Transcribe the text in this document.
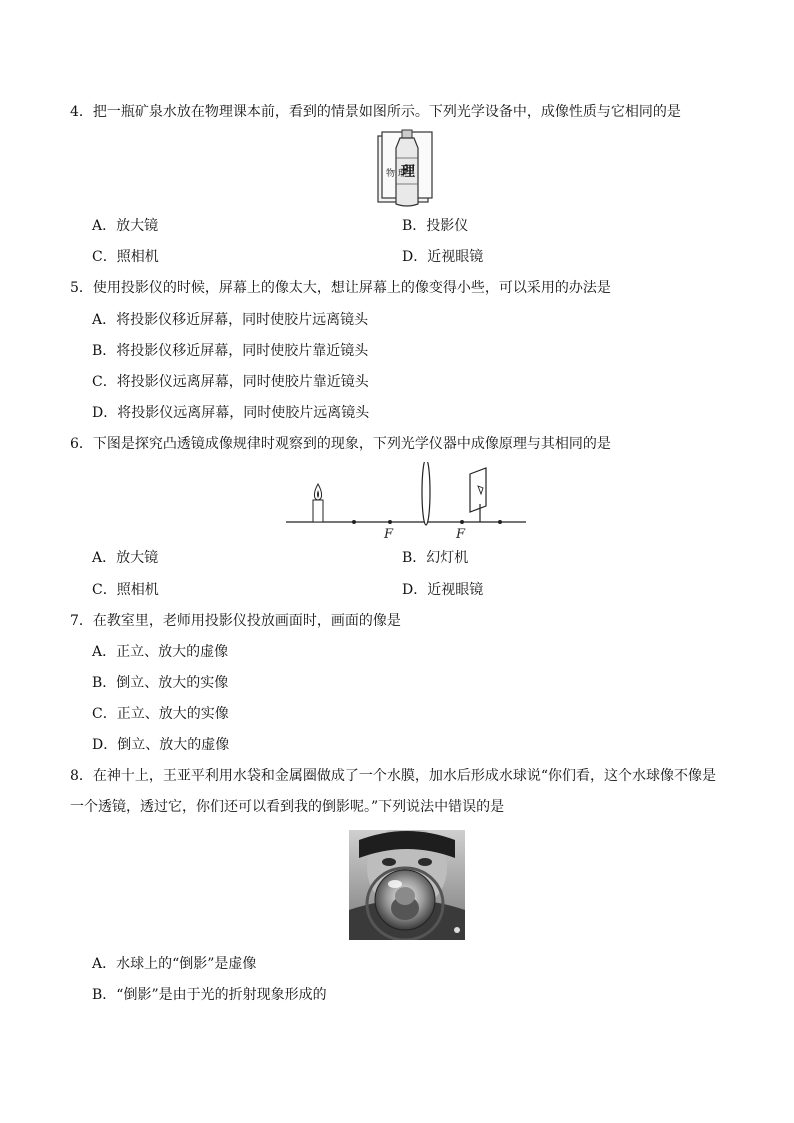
4．把一瓶矿泉水放在物理课本前，看到的情景如图所示。下列光学设备中，成像性质与它相同的是
物 理
理
A．放大镜	B．投影仪
C．照相机	D．近视眼镜
5．使用投影仪的时候，屏幕上的像太大，想让屏幕上的像变得小些，可以采用的办法是
A．将投影仪移近屏幕，同时使胶片远离镜头
B．将投影仪移近屏幕，同时使胶片靠近镜头
C．将投影仪远离屏幕，同时使胶片靠近镜头
D．将投影仪远离屏幕，同时使胶片远离镜头
6．下图是探究凸透镜成像规律时观察到的现象，下列光学仪器中成像原理与其相同的是
F	F
A．放大镜	B．幻灯机
C．照相机	D．近视眼镜
7．在教室里，老师用投影仪投放画面时，画面的像是
A．正立、放大的虚像
B．倒立、放大的实像
C．正立、放大的实像
D．倒立、放大的虚像
8．在神十上，王亚平利用水袋和金属圈做成了一个水膜，加水后形成水球说“你们看，这个水球像不像是
一个透镜，透过它，你们还可以看到我的倒影呢。”下列说法中错误的是
A．水球上的“倒影”是虚像
B．“倒影”是由于光的折射现象形成的
